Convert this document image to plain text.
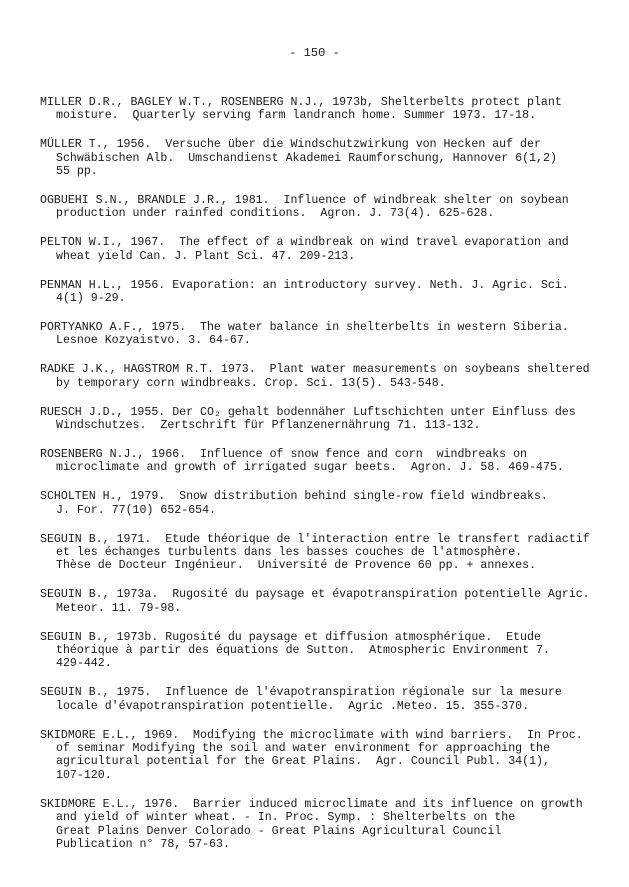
- 150 -
MILLER D.R., BAGLEY W.T., ROSENBERG N.J., 1973b, Shelterbelts protect plant
moisture.  Quarterly serving farm landranch home. Summer 1973. 17-18.
MÜLLER T., 1956.  Versuche über die Windschutzwirkung von Hecken auf der
Schwäbischen Alb.  Umschandienst Akademei Raumforschung, Hannover 6(1,2)
55 pp.
OGBUEHI S.N., BRANDLE J.R., 1981.  Influence of windbreak shelter on soybean
production under rainfed conditions.  Agron. J. 73(4). 625-628.
PELTON W.I., 1967.  The effect of a windbreak on wind travel evaporation and
wheat yield Can. J. Plant Sci. 47. 209-213.
PENMAN H.L., 1956. Evaporation: an introductory survey. Neth. J. Agric. Sci.
4(1) 9-29.
PORTYANKO A.F., 1975.  The water balance in shelterbelts in western Siberia.
Lesnoe Kozyaistvo. 3. 64-67.
RADKE J.K., HAGSTROM R.T. 1973.  Plant water measurements on soybeans sheltered
by temporary corn windbreaks. Crop. Sci. 13(5). 543-548.
RUESCH J.D., 1955. Der CO₂ gehalt bodennäher Luftschichten unter Einfluss des
Windschutzes.  Zertschrift für Pflanzenernährung 71. 113-132.
ROSENBERG N.J., 1966.  Influence of snow fence and corn  windbreaks on
microclimate and growth of irrigated sugar beets.  Agron. J. 58. 469-475.
SCHOLTEN H., 1979.  Snow distribution behind single-row field windbreaks.
J. For. 77(10) 652-654.
SEGUIN B., 1971.  Etude théorique de l'interaction entre le transfert radiactif
et les échanges turbulents dans les basses couches de l'atmosphère.
Thèse de Docteur Ingénieur.  Université de Provence 60 pp. + annexes.
SEGUIN B., 1973a.  Rugosité du paysage et évapotranspiration potentielle Agric.
Meteor. 11. 79-98.
SEGUIN B., 1973b. Rugosité du paysage et diffusion atmosphérique.  Etude
théorique à partir des équations de Sutton.  Atmospheric Environment 7.
429-442.
SEGUIN B., 1975.  Influence de l'évapotranspiration régionale sur la mesure
locale d'évapotranspiration potentielle.  Agric .Meteo. 15. 355-370.
SKIDMORE E.L., 1969.  Modifying the microclimate with wind barriers.  In Proc.
of seminar Modifying the soil and water environment for approaching the
agricultural potential for the Great Plains.  Agr. Council Publ. 34(1),
107-120.
SKIDMORE E.L., 1976.  Barrier induced microclimate and its influence on growth
and yield of winter wheat. - In. Proc. Symp. : Shelterbelts on the
Great Plains Denver Colorado - Great Plains Agricultural Council
Publication n° 78, 57-63.
